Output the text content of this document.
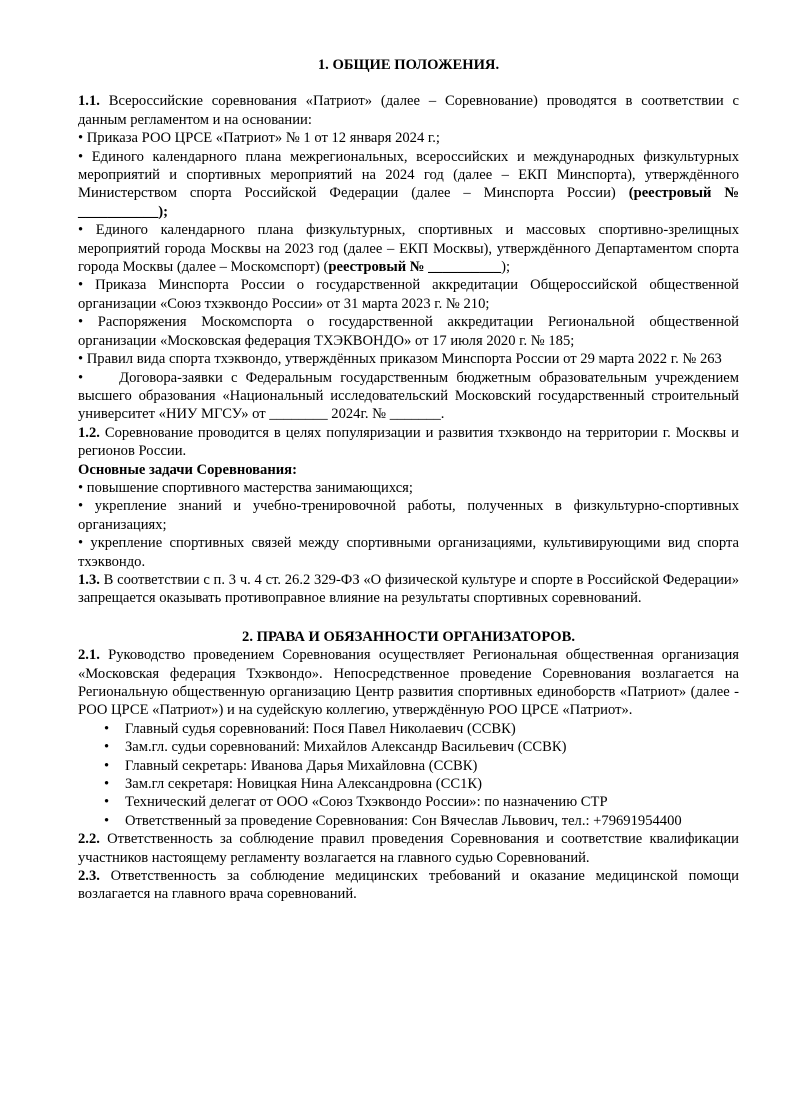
1. ОБЩИЕ ПОЛОЖЕНИЯ.

1.1. Всероссийские соревнования «Патриот» (далее – Соревнование) проводятся в соответствии с данным регламентом и на основании:

• Приказа РОО ЦРСЕ «Патриот» № 1 от 12 января 2024 г.;

• Единого календарного плана межрегиональных, всероссийских и международных физкультурных мероприятий и спортивных мероприятий на 2024 год (далее – ЕКП Минспорта), утверждённого Министерством спорта Российской Федерации (далее – Минспорта России) (реестровый № ___________);

• Единого календарного плана физкультурных, спортивных и массовых спортивно-зрелищных мероприятий города Москвы на 2023 год (далее – ЕКП Москвы), утверждённого Департаментом спорта города Москвы (далее – Москомспорт) (реестровый № __________);

• Приказа Минспорта России о государственной аккредитации Общероссийской общественной организации «Союз тхэквондо России» от 31 марта 2023 г. № 210;

• Распоряжения Москомспорта о государственной аккредитации Региональной общественной организации «Московская федерация ТХЭКВОНДО» от 17 июля 2020 г. № 185;

• Правил вида спорта тхэквондо, утверждённых приказом Минспорта России от 29 марта 2022 г. № 263

• Договора-заявки с Федеральным государственным бюджетным образовательным учреждением высшего образования «Национальный исследовательский Московский государственный строительный университет «НИУ МГСУ» от ________ 2024г. № _______.

1.2. Соревнование проводится в целях популяризации и развития тхэквондо на территории г. Москвы и регионов России.

Основные задачи Соревнования:

• повышение спортивного мастерства занимающихся;

• укрепление знаний и учебно-тренировочной работы, полученных в физкультурно-спортивных организациях;

• укрепление спортивных связей между спортивными организациями, культивирующими вид спорта тхэквондо.

1.3. В соответствии с п. 3 ч. 4 ст. 26.2 329-ФЗ «О физической культуре и спорте в Российской Федерации» запрещается оказывать противоправное влияние на результаты спортивных соревнований.

2. ПРАВА И ОБЯЗАННОСТИ ОРГАНИЗАТОРОВ.

2.1. Руководство проведением Соревнования осуществляет Региональная общественная организация «Московская федерация Тхэквондо». Непосредственное проведение Соревнования возлагается на Региональную общественную организацию Центр развития спортивных единоборств «Патриот» (далее - РОО ЦРСЕ «Патриот») и на судейскую коллегию, утверждённую РОО ЦРСЕ «Патриот».

• Главный судья соревнований: Пося Павел Николаевич (ССВК)
• Зам.гл. судьи соревнований: Михайлов Александр Васильевич (ССВК)
• Главный секретарь: Иванова Дарья Михайловна (ССВК)
• Зам.гл секретаря: Новицкая Нина Александровна (СС1К)
• Технический делегат от ООО «Союз Тхэквондо России»: по назначению СТР
• Ответственный за проведение Соревнования: Сон Вячеслав Львович, тел.: +79691954400

2.2. Ответственность за соблюдение правил проведения Соревнования и соответствие квалификации участников настоящему регламенту возлагается на главного судью Соревнований.

2.3. Ответственность за соблюдение медицинских требований и оказание медицинской помощи возлагается на главного врача соревнований.
